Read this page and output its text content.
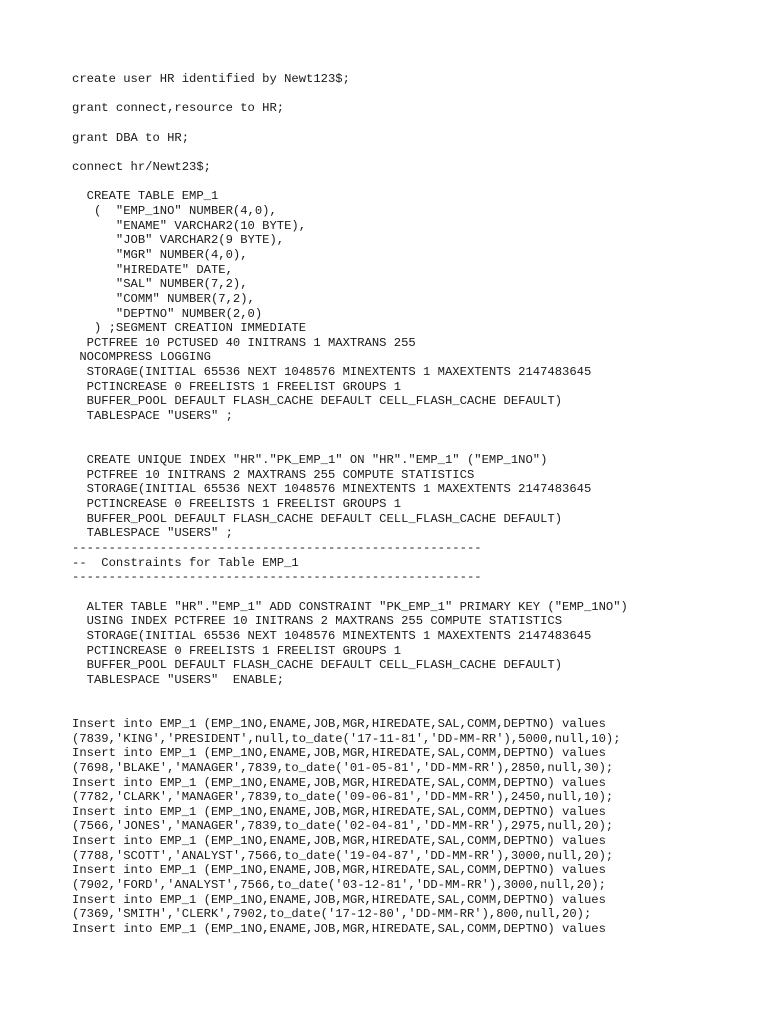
create user HR identified by Newt123$;
grant connect,resource to HR;
grant DBA to HR;
connect hr/Newt23$;
CREATE TABLE EMP_1
(  "EMP_1NO" NUMBER(4,0),
"ENAME" VARCHAR2(10 BYTE),
"JOB" VARCHAR2(9 BYTE),
"MGR" NUMBER(4,0),
"HIREDATE" DATE,
"SAL" NUMBER(7,2),
"COMM" NUMBER(7,2),
"DEPTNO" NUMBER(2,0)
) ;SEGMENT CREATION IMMEDIATE
PCTFREE 10 PCTUSED 40 INITRANS 1 MAXTRANS 255
NOCOMPRESS LOGGING
STORAGE(INITIAL 65536 NEXT 1048576 MINEXTENTS 1 MAXEXTENTS 2147483645
PCTINCREASE 0 FREELISTS 1 FREELIST GROUPS 1
BUFFER_POOL DEFAULT FLASH_CACHE DEFAULT CELL_FLASH_CACHE DEFAULT)
TABLESPACE "USERS" ;
CREATE UNIQUE INDEX "HR"."PK_EMP_1" ON "HR"."EMP_1" ("EMP_1NO")
PCTFREE 10 INITRANS 2 MAXTRANS 255 COMPUTE STATISTICS
STORAGE(INITIAL 65536 NEXT 1048576 MINEXTENTS 1 MAXEXTENTS 2147483645
PCTINCREASE 0 FREELISTS 1 FREELIST GROUPS 1
BUFFER_POOL DEFAULT FLASH_CACHE DEFAULT CELL_FLASH_CACHE DEFAULT)
TABLESPACE "USERS" ;
--------------------------------------------------------
--  Constraints for Table EMP_1
--------------------------------------------------------
ALTER TABLE "HR"."EMP_1" ADD CONSTRAINT "PK_EMP_1" PRIMARY KEY ("EMP_1NO")
USING INDEX PCTFREE 10 INITRANS 2 MAXTRANS 255 COMPUTE STATISTICS
STORAGE(INITIAL 65536 NEXT 1048576 MINEXTENTS 1 MAXEXTENTS 2147483645
PCTINCREASE 0 FREELISTS 1 FREELIST GROUPS 1
BUFFER_POOL DEFAULT FLASH_CACHE DEFAULT CELL_FLASH_CACHE DEFAULT)
TABLESPACE "USERS"  ENABLE;
Insert into EMP_1 (EMP_1NO,ENAME,JOB,MGR,HIREDATE,SAL,COMM,DEPTNO) values
(7839,'KING','PRESIDENT',null,to_date('17-11-81','DD-MM-RR'),5000,null,10);
Insert into EMP_1 (EMP_1NO,ENAME,JOB,MGR,HIREDATE,SAL,COMM,DEPTNO) values
(7698,'BLAKE','MANAGER',7839,to_date('01-05-81','DD-MM-RR'),2850,null,30);
Insert into EMP_1 (EMP_1NO,ENAME,JOB,MGR,HIREDATE,SAL,COMM,DEPTNO) values
(7782,'CLARK','MANAGER',7839,to_date('09-06-81','DD-MM-RR'),2450,null,10);
Insert into EMP_1 (EMP_1NO,ENAME,JOB,MGR,HIREDATE,SAL,COMM,DEPTNO) values
(7566,'JONES','MANAGER',7839,to_date('02-04-81','DD-MM-RR'),2975,null,20);
Insert into EMP_1 (EMP_1NO,ENAME,JOB,MGR,HIREDATE,SAL,COMM,DEPTNO) values
(7788,'SCOTT','ANALYST',7566,to_date('19-04-87','DD-MM-RR'),3000,null,20);
Insert into EMP_1 (EMP_1NO,ENAME,JOB,MGR,HIREDATE,SAL,COMM,DEPTNO) values
(7902,'FORD','ANALYST',7566,to_date('03-12-81','DD-MM-RR'),3000,null,20);
Insert into EMP_1 (EMP_1NO,ENAME,JOB,MGR,HIREDATE,SAL,COMM,DEPTNO) values
(7369,'SMITH','CLERK',7902,to_date('17-12-80','DD-MM-RR'),800,null,20);
Insert into EMP_1 (EMP_1NO,ENAME,JOB,MGR,HIREDATE,SAL,COMM,DEPTNO) values
